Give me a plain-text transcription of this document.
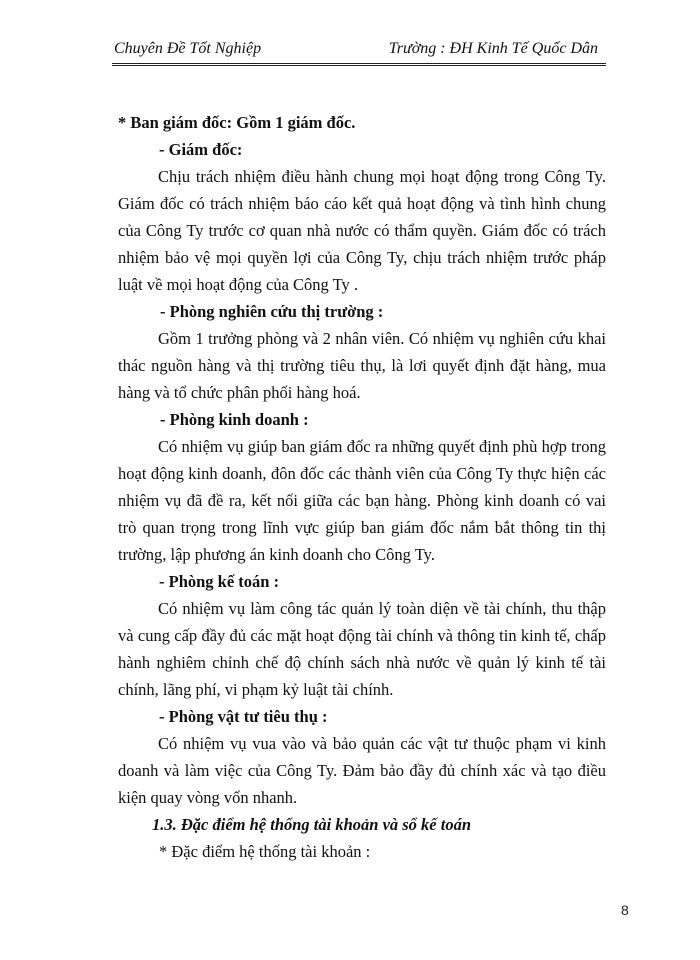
Chuyên Đề Tốt Nghiệp	Trường : ĐH Kinh Tế Quốc Dân

* Ban giám đốc: Gồm 1 giám đốc.

- Giám đốc:

Chịu trách nhiệm điều hành chung mọi hoạt động trong Công Ty. Giám đốc có trách nhiệm báo cáo kết quả hoạt động và tình hình chung của Công Ty trước cơ quan nhà nước có thẩm quyền. Giám đốc có trách nhiệm bảo vệ mọi quyền lợi của Công Ty, chịu trách nhiệm trước pháp luật về mọi hoạt động của Công Ty .

- Phòng nghiên cứu thị trường :

Gồm 1 trưởng phòng và 2 nhân viên. Có nhiệm vụ nghiên cứu khai thác nguồn hàng và thị trường tiêu thụ, là lơi quyết định đặt hàng, mua hàng và tổ chức phân phối hàng hoá.

- Phòng kinh doanh :

Có nhiệm vụ giúp ban giám đốc ra những quyết định phù hợp trong hoạt động kinh doanh, đôn đốc các thành viên của Công Ty thực hiện các nhiệm vụ đã đề ra, kết nối giữa các bạn hàng. Phòng kinh doanh có vai trò quan trọng trong lĩnh vực giúp ban giám đốc nắm bắt thông tin thị trường, lập phương án kinh doanh cho Công Ty.

- Phòng kế toán :

Có nhiệm vụ làm công tác quản lý toàn diện về tài chính, thu thập và cung cấp đầy đủ các mặt hoạt động tài chính và thông tin kinh tế, chấp hành nghiêm chỉnh chế độ chính sách nhà nước về quản lý kinh tế tài chính, lãng phí, vi phạm kỷ luật tài chính.

- Phòng vật tư tiêu thụ :

Có nhiệm vụ vua vào và bảo quản các vật tư thuộc phạm vi kinh doanh và làm việc của Công Ty. Đảm bảo đầy đủ chính xác và tạo điều kiện quay vòng vốn nhanh.

1.3. Đặc điểm hệ thống tài khoản và sổ kế toán

* Đặc điểm hệ thống tài khoản :

8
